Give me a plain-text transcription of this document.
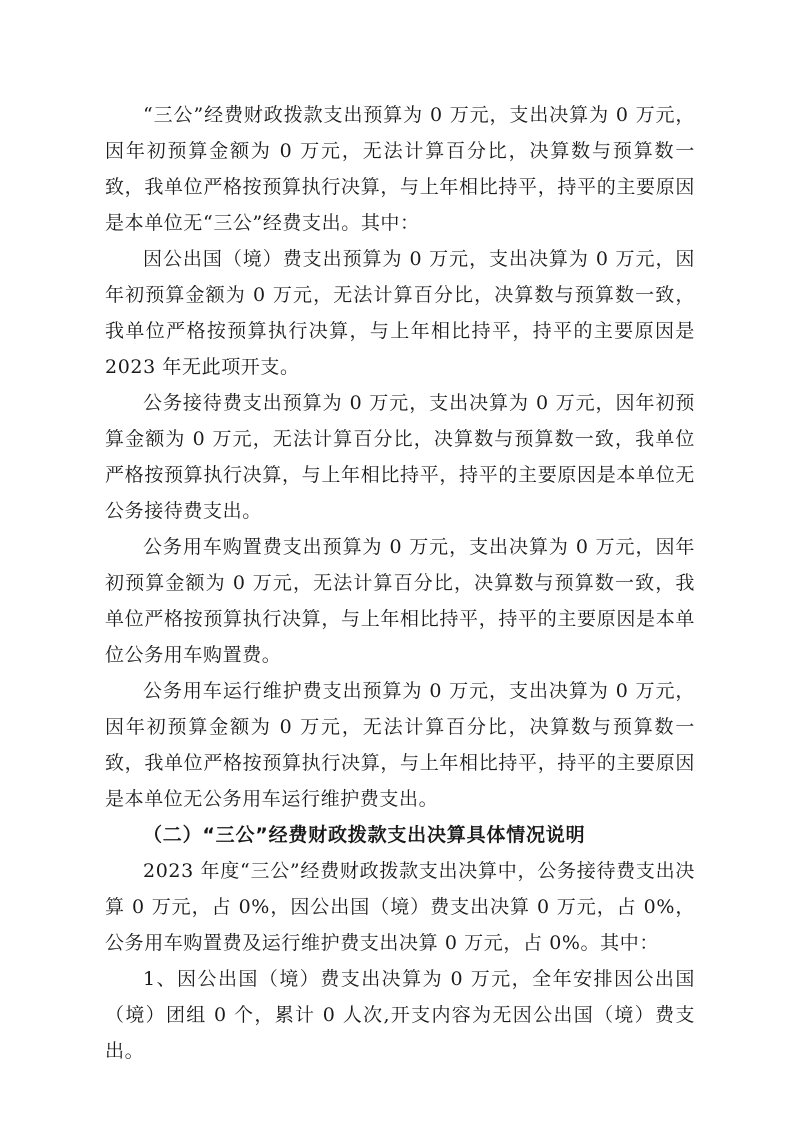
“三公”经费财政拨款支出预算为 0 万元，支出决算为 0 万元，因年初预算金额为 0 万元，无法计算百分比，决算数与预算数一致，我单位严格按预算执行决算，与上年相比持平，持平的主要原因是本单位无“三公”经费支出。其中：

因公出国（境）费支出预算为 0 万元，支出决算为 0 万元，因年初预算金额为 0 万元，无法计算百分比，决算数与预算数一致，我单位严格按预算执行决算，与上年相比持平，持平的主要原因是 2023 年无此项开支。

公务接待费支出预算为 0 万元，支出决算为 0 万元，因年初预算金额为 0 万元，无法计算百分比，决算数与预算数一致，我单位严格按预算执行决算，与上年相比持平，持平的主要原因是本单位无公务接待费支出。

公务用车购置费支出预算为 0 万元，支出决算为 0 万元，因年初预算金额为 0 万元，无法计算百分比，决算数与预算数一致，我单位严格按预算执行决算，与上年相比持平，持平的主要原因是本单位公务用车购置费。

公务用车运行维护费支出预算为 0 万元，支出决算为 0 万元，因年初预算金额为 0 万元，无法计算百分比，决算数与预算数一致，我单位严格按预算执行决算，与上年相比持平，持平的主要原因是本单位无公务用车运行维护费支出。

（二）“三公”经费财政拨款支出决算具体情况说明

2023 年度“三公”经费财政拨款支出决算中，公务接待费支出决算 0 万元，占 0%，因公出国（境）费支出决算 0 万元，占 0%，公务用车购置费及运行维护费支出决算 0 万元，占 0%。其中：

1、因公出国（境）费支出决算为 0 万元，全年安排因公出国（境）团组 0 个，累计 0 人次,开支内容为无因公出国（境）费支出。
